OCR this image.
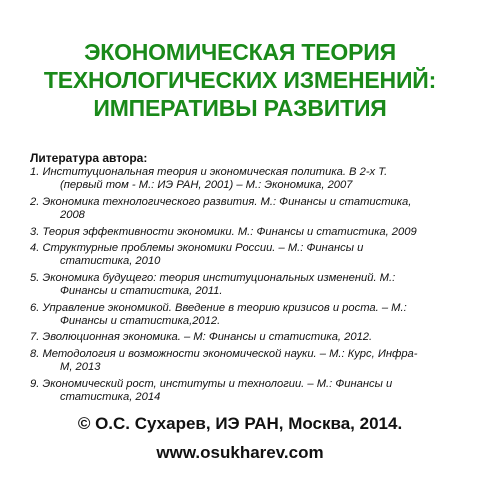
ЭКОНОМИЧЕСКАЯ ТЕОРИЯ
ТЕХНОЛОГИЧЕСКИХ ИЗМЕНЕНИЙ:
ИМПЕРАТИВЫ РАЗВИТИЯ
Литература автора:
1. Институциональная теория и экономическая политика. В 2-х Т.
(первый том - М.: ИЭ РАН, 2001) – М.: Экономика, 2007
2. Экономика технологического развития. М.: Финансы и статистика,
2008
3. Теория эффективности экономики. М.: Финансы и статистика, 2009
4. Структурные проблемы экономики России. – М.: Финансы и
статистика, 2010
5. Экономика будущего: теория институциональных изменений. М.:
Финансы и статистика, 2011.
6. Управление экономикой. Введение в теорию кризисов и роста. – М.:
Финансы и статистика,2012.
7. Эволюционная экономика. – М: Финансы и статистика, 2012.
8. Методология и возможности экономической науки. – М.: Курс, Инфра-
М, 2013
9. Экономический рост, институты и технологии. – М.: Финансы и
статистика, 2014
© О.С. Сухарев, ИЭ РАН, Москва, 2014.
www.osukharev.com
